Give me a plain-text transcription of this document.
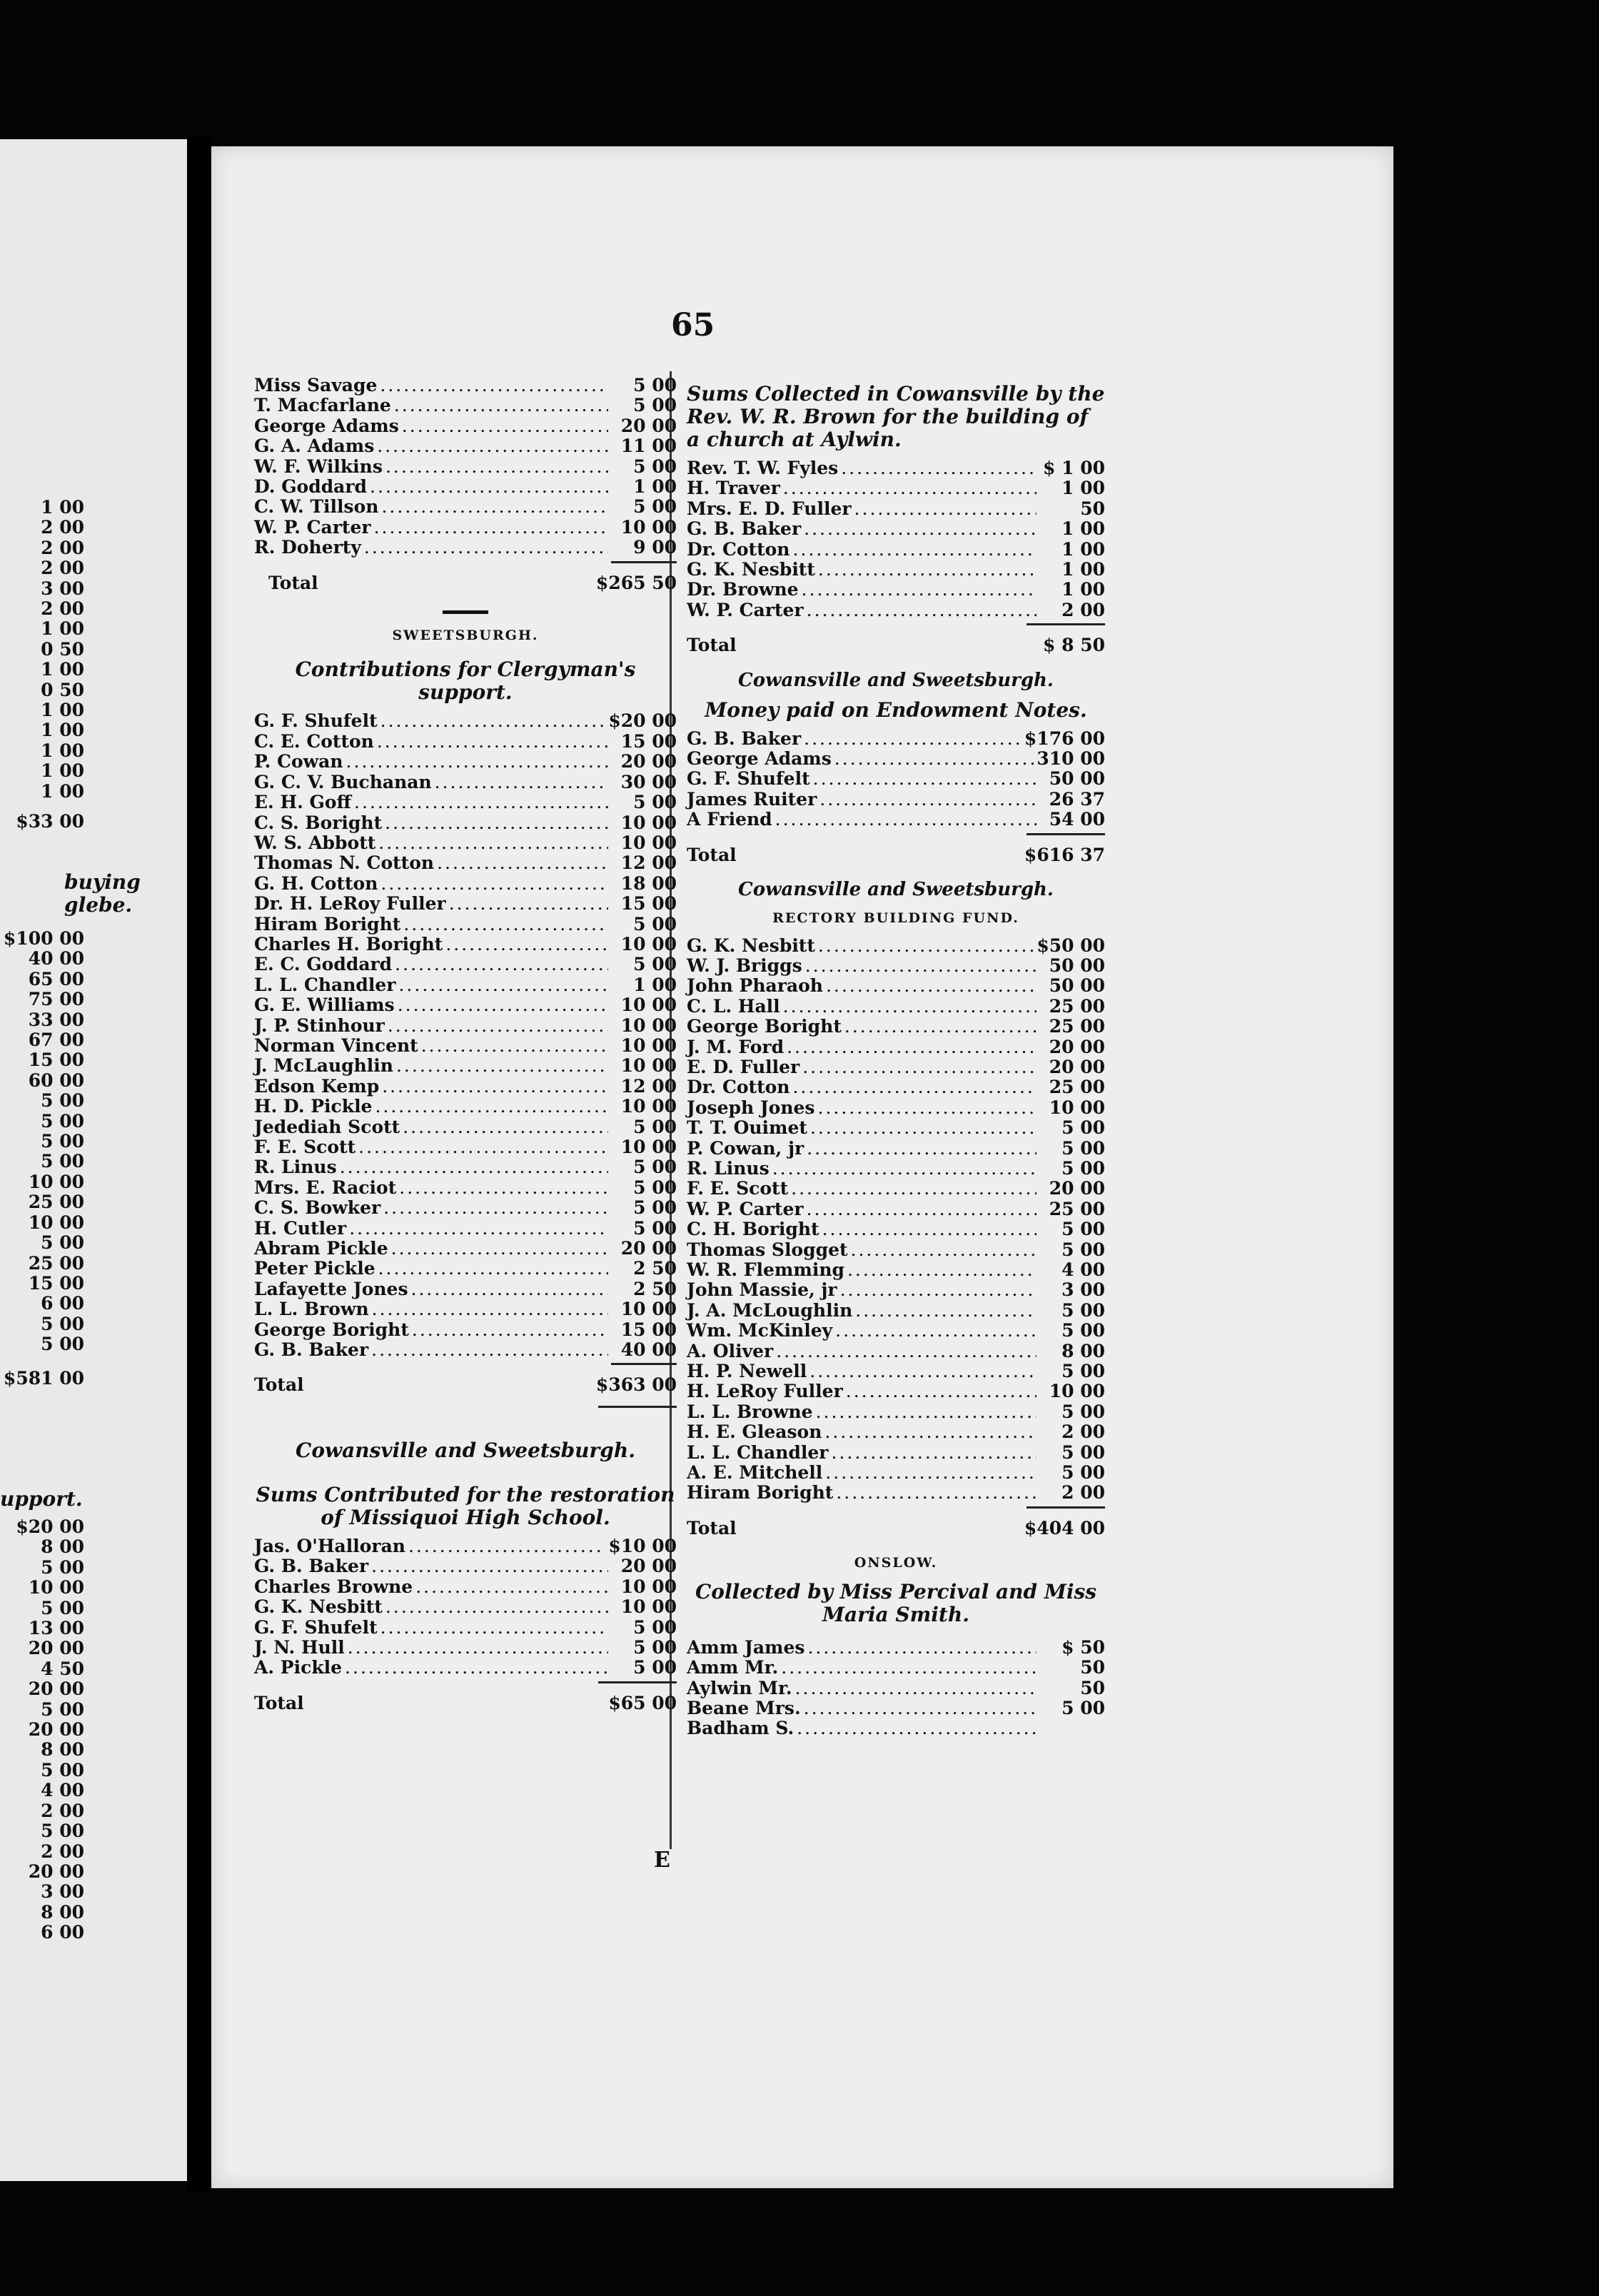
1 00
2 00
2 00
2 00
3 00
2 00
1 00
0 50
1 00
0 50
1 00
1 00
1 00
1 00
1 00
$33 00
buying
glebe.
$100 00
40 00
65 00
75 00
33 00
67 00
15 00
60 00
5 00
5 00
5 00
5 00
10 00
25 00
10 00
5 00
25 00
15 00
6 00
5 00
5 00
$581 00
upport.
$20 00
8 00
5 00
10 00
5 00
13 00
20 00
4 50
20 00
5 00
20 00
8 00
5 00
4 00
2 00
5 00
2 00
20 00
3 00
8 00
6 00
65
Miss Savage .....	5 00
T. Macfarlane .....	5 00
George Adams .....	20 00
G. A. Adams .....	11 00
W. F. Wilkins .....	5 00
D. Goddard .....	1 00
C. W. Tillson .....	5 00
W. P. Carter .....	10 00
R. Doherty .....	9 00
Total	$265 50
SWEETSBURGH.
Contributions for Clergyman's support.
G. F. Shufelt .....	$20 00
C. E. Cotton .....	15 00
P. Cowan .....	20 00
G. C. V. Buchanan .....	30 00
E. H. Goff .....	5 00
C. S. Boright .....	10 00
W. S. Abbott .....	10 00
Thomas N. Cotton .....	12 00
G. H. Cotton .....	18 00
Dr. H. LeRoy Fuller .....	15 00
Hiram Boright .....	5 00
Charles H. Boright .....	10 00
E. C. Goddard .....	5 00
L. L. Chandler .....	1 00
G. E. Williams .....	10 00
J. P. Stinhour .....	10 00
Norman Vincent .....	10 00
J. McLaughlin .....	10 00
Edson Kemp .....	12 00
H. D. Pickle .....	10 00
Jedediah Scott .....	5 00
F. E. Scott .....	10 00
R. Linus .....	5 00
Mrs. E. Raciot .....	5 00
C. S. Bowker .....	5 00
H. Cutler .....	5 00
Abram Pickle .....	20 00
Peter Pickle .....	2 50
Lafayette Jones .....	2 50
L. L. Brown .....	10 00
George Boright .....	15 00
G. B. Baker .....	40 00
Total	$363 00
Cowansville and Sweetsburgh.
Sums Contributed for the restoration of Missiquoi High School.
Jas. O'Halloran .....	$10 00
G. B. Baker .....	20 00
Charles Browne .....	10 00
G. K. Nesbitt .....	10 00
G. F. Shufelt .....	5 00
J. N. Hull .....	5 00
A. Pickle .....	5 00
Total	$65 00
Sums Collected in Cowansville by the Rev. W. R. Brown for the building of a church at Aylwin.
Rev. T. W. Fyles .....	$ 1 00
H. Traver .....	1 00
Mrs. E. D. Fuller .....	50
G. B. Baker .....	1 00
Dr. Cotton .....	1 00
G. K. Nesbitt .....	1 00
Dr. Browne .....	1 00
W. P. Carter .....	2 00
Total	$ 8 50
Cowansville and Sweetsburgh.
Money paid on Endowment Notes.
G. B. Baker .....	$176 00
George Adams .....	310 00
G. F. Shufelt .....	50 00
James Ruiter .....	26 37
A Friend .....	54 00
Total	$616 37
Cowansville and Sweetsburgh.
RECTORY BUILDING FUND.
G. K. Nesbitt .....	$50 00
W. J. Briggs .....	50 00
John Pharaoh .....	50 00
C. L. Hall .....	25 00
George Boright .....	25 00
J. M. Ford .....	20 00
E. D. Fuller .....	20 00
Dr. Cotton .....	25 00
Joseph Jones .....	10 00
T. T. Ouimet .....	5 00
P. Cowan, jr .....	5 00
R. Linus .....	5 00
F. E. Scott .....	20 00
W. P. Carter .....	25 00
C. H. Boright .....	5 00
Thomas Slogget .....	5 00
W. R. Flemming .....	4 00
John Massie, jr .....	3 00
J. A. McLoughlin .....	5 00
Wm. McKinley .....	5 00
A. Oliver .....	8 00
H. P. Newell .....	5 00
H. LeRoy Fuller .....	10 00
L. L. Browne .....	5 00
H. E. Gleason .....	2 00
L. L. Chandler .....	5 00
A. E. Mitchell .....	5 00
Hiram Boright .....	2 00
Total	$404 00
ONSLOW.
Collected by Miss Percival and Miss Maria Smith.
Amm James .....	$ 50
Amm Mr. .....	50
Aylwin Mr. .....	50
Beane Mrs. .....	5 00
Badham S.
.....
E
